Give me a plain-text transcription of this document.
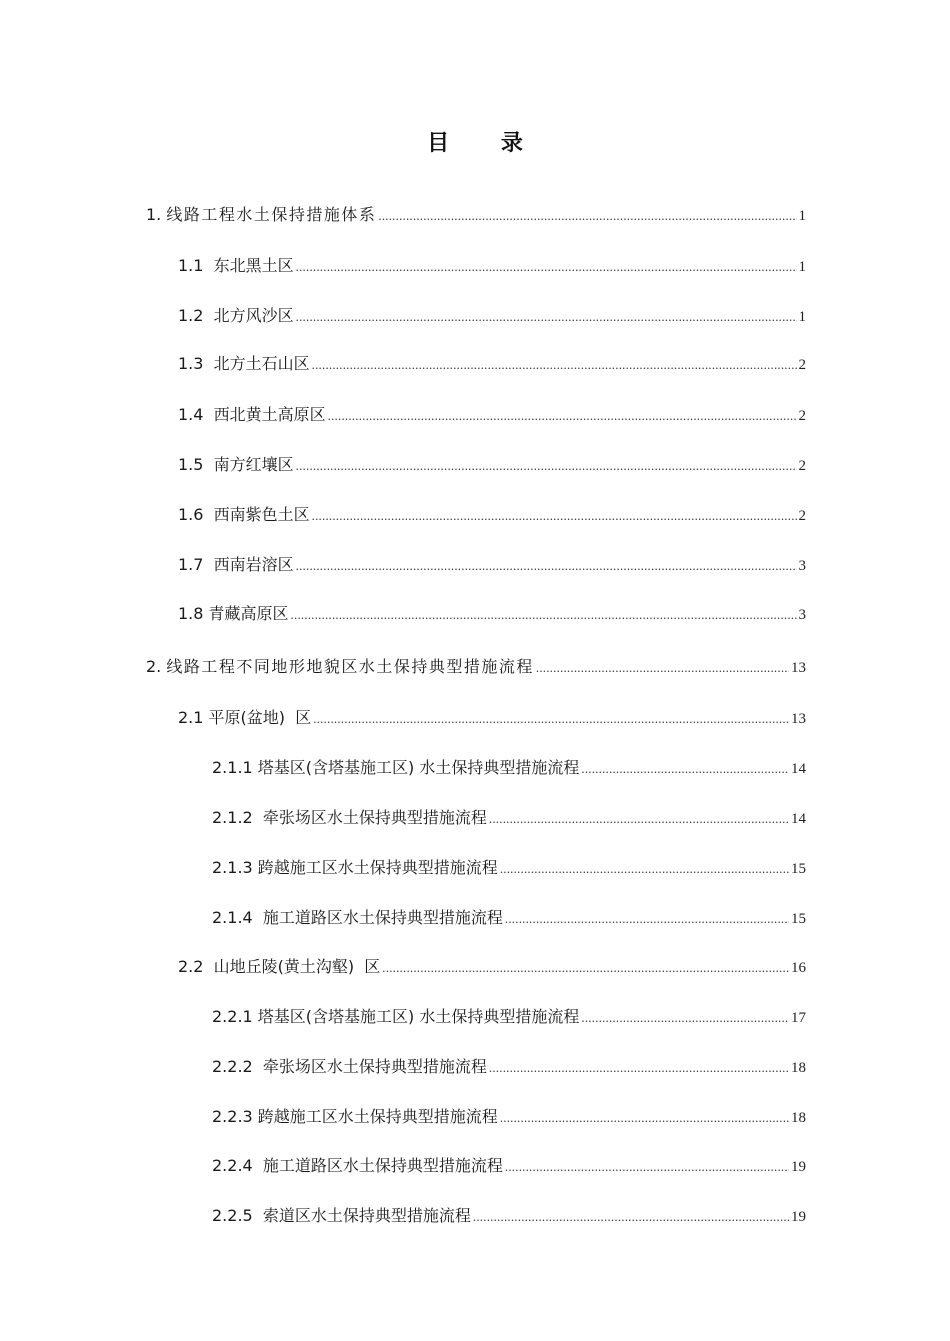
目 录
1. 线路工程水土保持措施体系 .....	1
1.1 东北黑土区 .....	1
1.2 北方风沙区 .....	1
1.3 北方土石山区 .....	2
1.4 西北黄土高原区 .....	2
1.5 南方红壤区 .....	2
1.6 西南紫色土区 .....	2
1.7 西南岩溶区 .....	3
1.8 青藏高原区 .....	3
2. 线路工程不同地形地貌区水土保持典型措施流程 .....	13
2.1 平原(盆地)  区 .....	13
2.1.1 塔基区(含塔基施工区) 水土保持典型措施流程 .....	14
2.1.2 牵张场区水土保持典型措施流程 .....	14
2.1.3 跨越施工区水土保持典型措施流程 .....	15
2.1.4 施工道路区水土保持典型措施流程 .....	15
2.2 山地丘陵(黄土沟壑)  区 .....	16
2.2.1 塔基区(含塔基施工区) 水土保持典型措施流程 .....	17
2.2.2 牵张场区水土保持典型措施流程 .....	18
2.2.3 跨越施工区水土保持典型措施流程 .....	18
2.2.4 施工道路区水土保持典型措施流程 .....	19
2.2.5 索道区水土保持典型措施流程 .....	19
